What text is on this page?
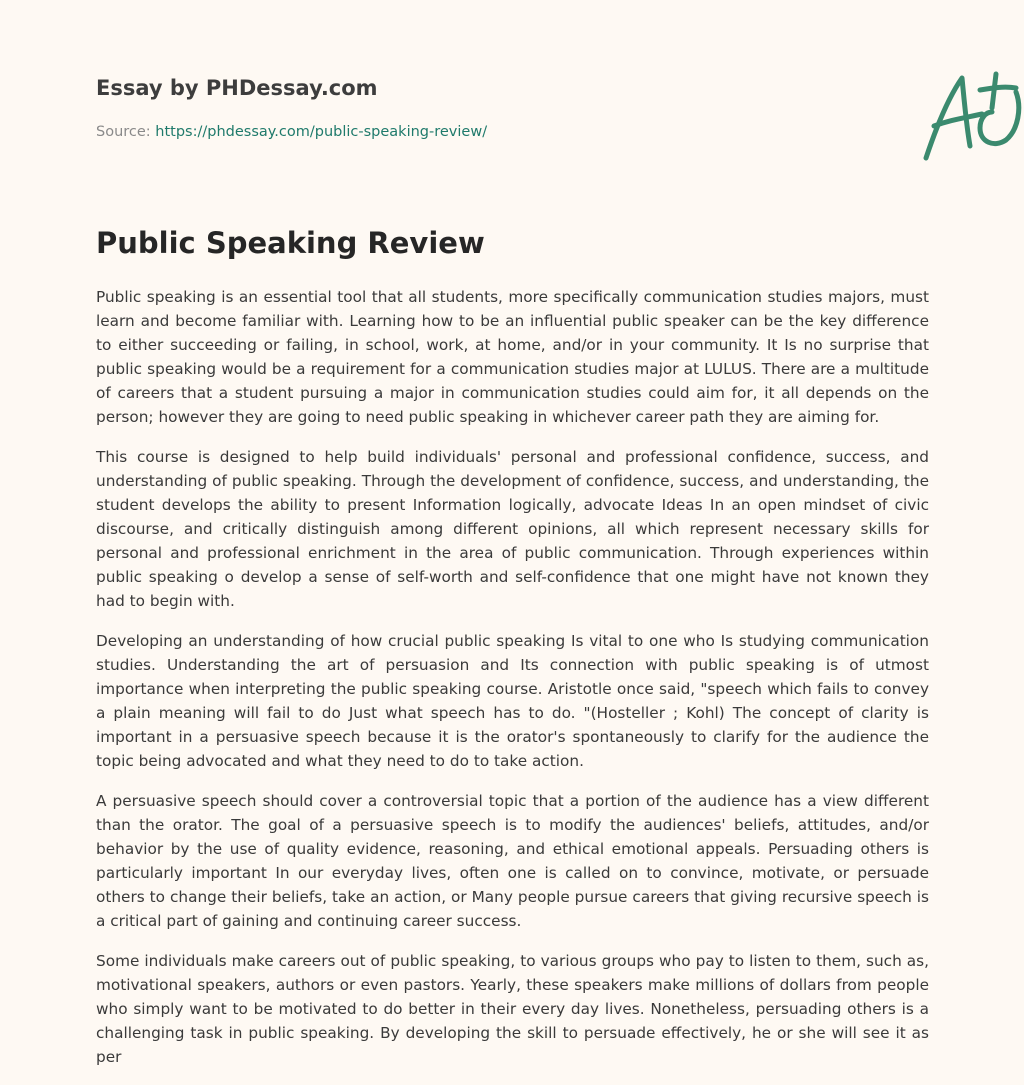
Essay by PHDessay.com
Source: https://phdessay.com/public-speaking-review/
Public Speaking Review

Public speaking is an essential tool that all students, more specifically communication studies majors, must learn and become familiar with. Learning how to be an influential public speaker can be the key difference to either succeeding or failing, in school, work, at home, and/or in your community. It Is no surprise that public speaking would be a requirement for a communication studies major at LULUS. There are a multitude of careers that a student pursuing a major in communication studies could aim for, it all depends on the person; however they are going to need public speaking in whichever career path they are aiming for.

This course is designed to help build individuals' personal and professional confidence, success, and understanding of public speaking. Through the development of confidence, success, and understanding, the student develops the ability to present Information logically, advocate Ideas In an open mindset of civic discourse, and critically distinguish among different opinions, all which represent necessary skills for personal and professional enrichment in the area of public communication. Through experiences within public speaking o develop a sense of self-worth and self-confidence that one might have not known they had to begin with.

Developing an understanding of how crucial public speaking Is vital to one who Is studying communication studies. Understanding the art of persuasion and Its connection with public speaking is of utmost importance when interpreting the public speaking course. Aristotle once said, "speech which fails to convey a plain meaning will fail to do Just what speech has to do. "(Hosteller ; Kohl) The concept of clarity is important in a persuasive speech because it is the orator's spontaneously to clarify for the audience the topic being advocated and what they need to do to take action.

A persuasive speech should cover a controversial topic that a portion of the audience has a view different than the orator. The goal of a persuasive speech is to modify the audiences' beliefs, attitudes, and/or behavior by the use of quality evidence, reasoning, and ethical emotional appeals. Persuading others is particularly important In our everyday lives, often one is called on to convince, motivate, or persuade others to change their beliefs, take an action, or Many people pursue careers that giving recursive speech is a critical part of gaining and continuing career success.

Some individuals make careers out of public speaking, to various groups who pay to listen to them, such as, motivational speakers, authors or even pastors. Yearly, these speakers make millions of dollars from people who simply want to be motivated to do better in their every day lives. Nonetheless, persuading others is a challenging task in public speaking. By developing the skill to persuade effectively, he or she will see it as per
